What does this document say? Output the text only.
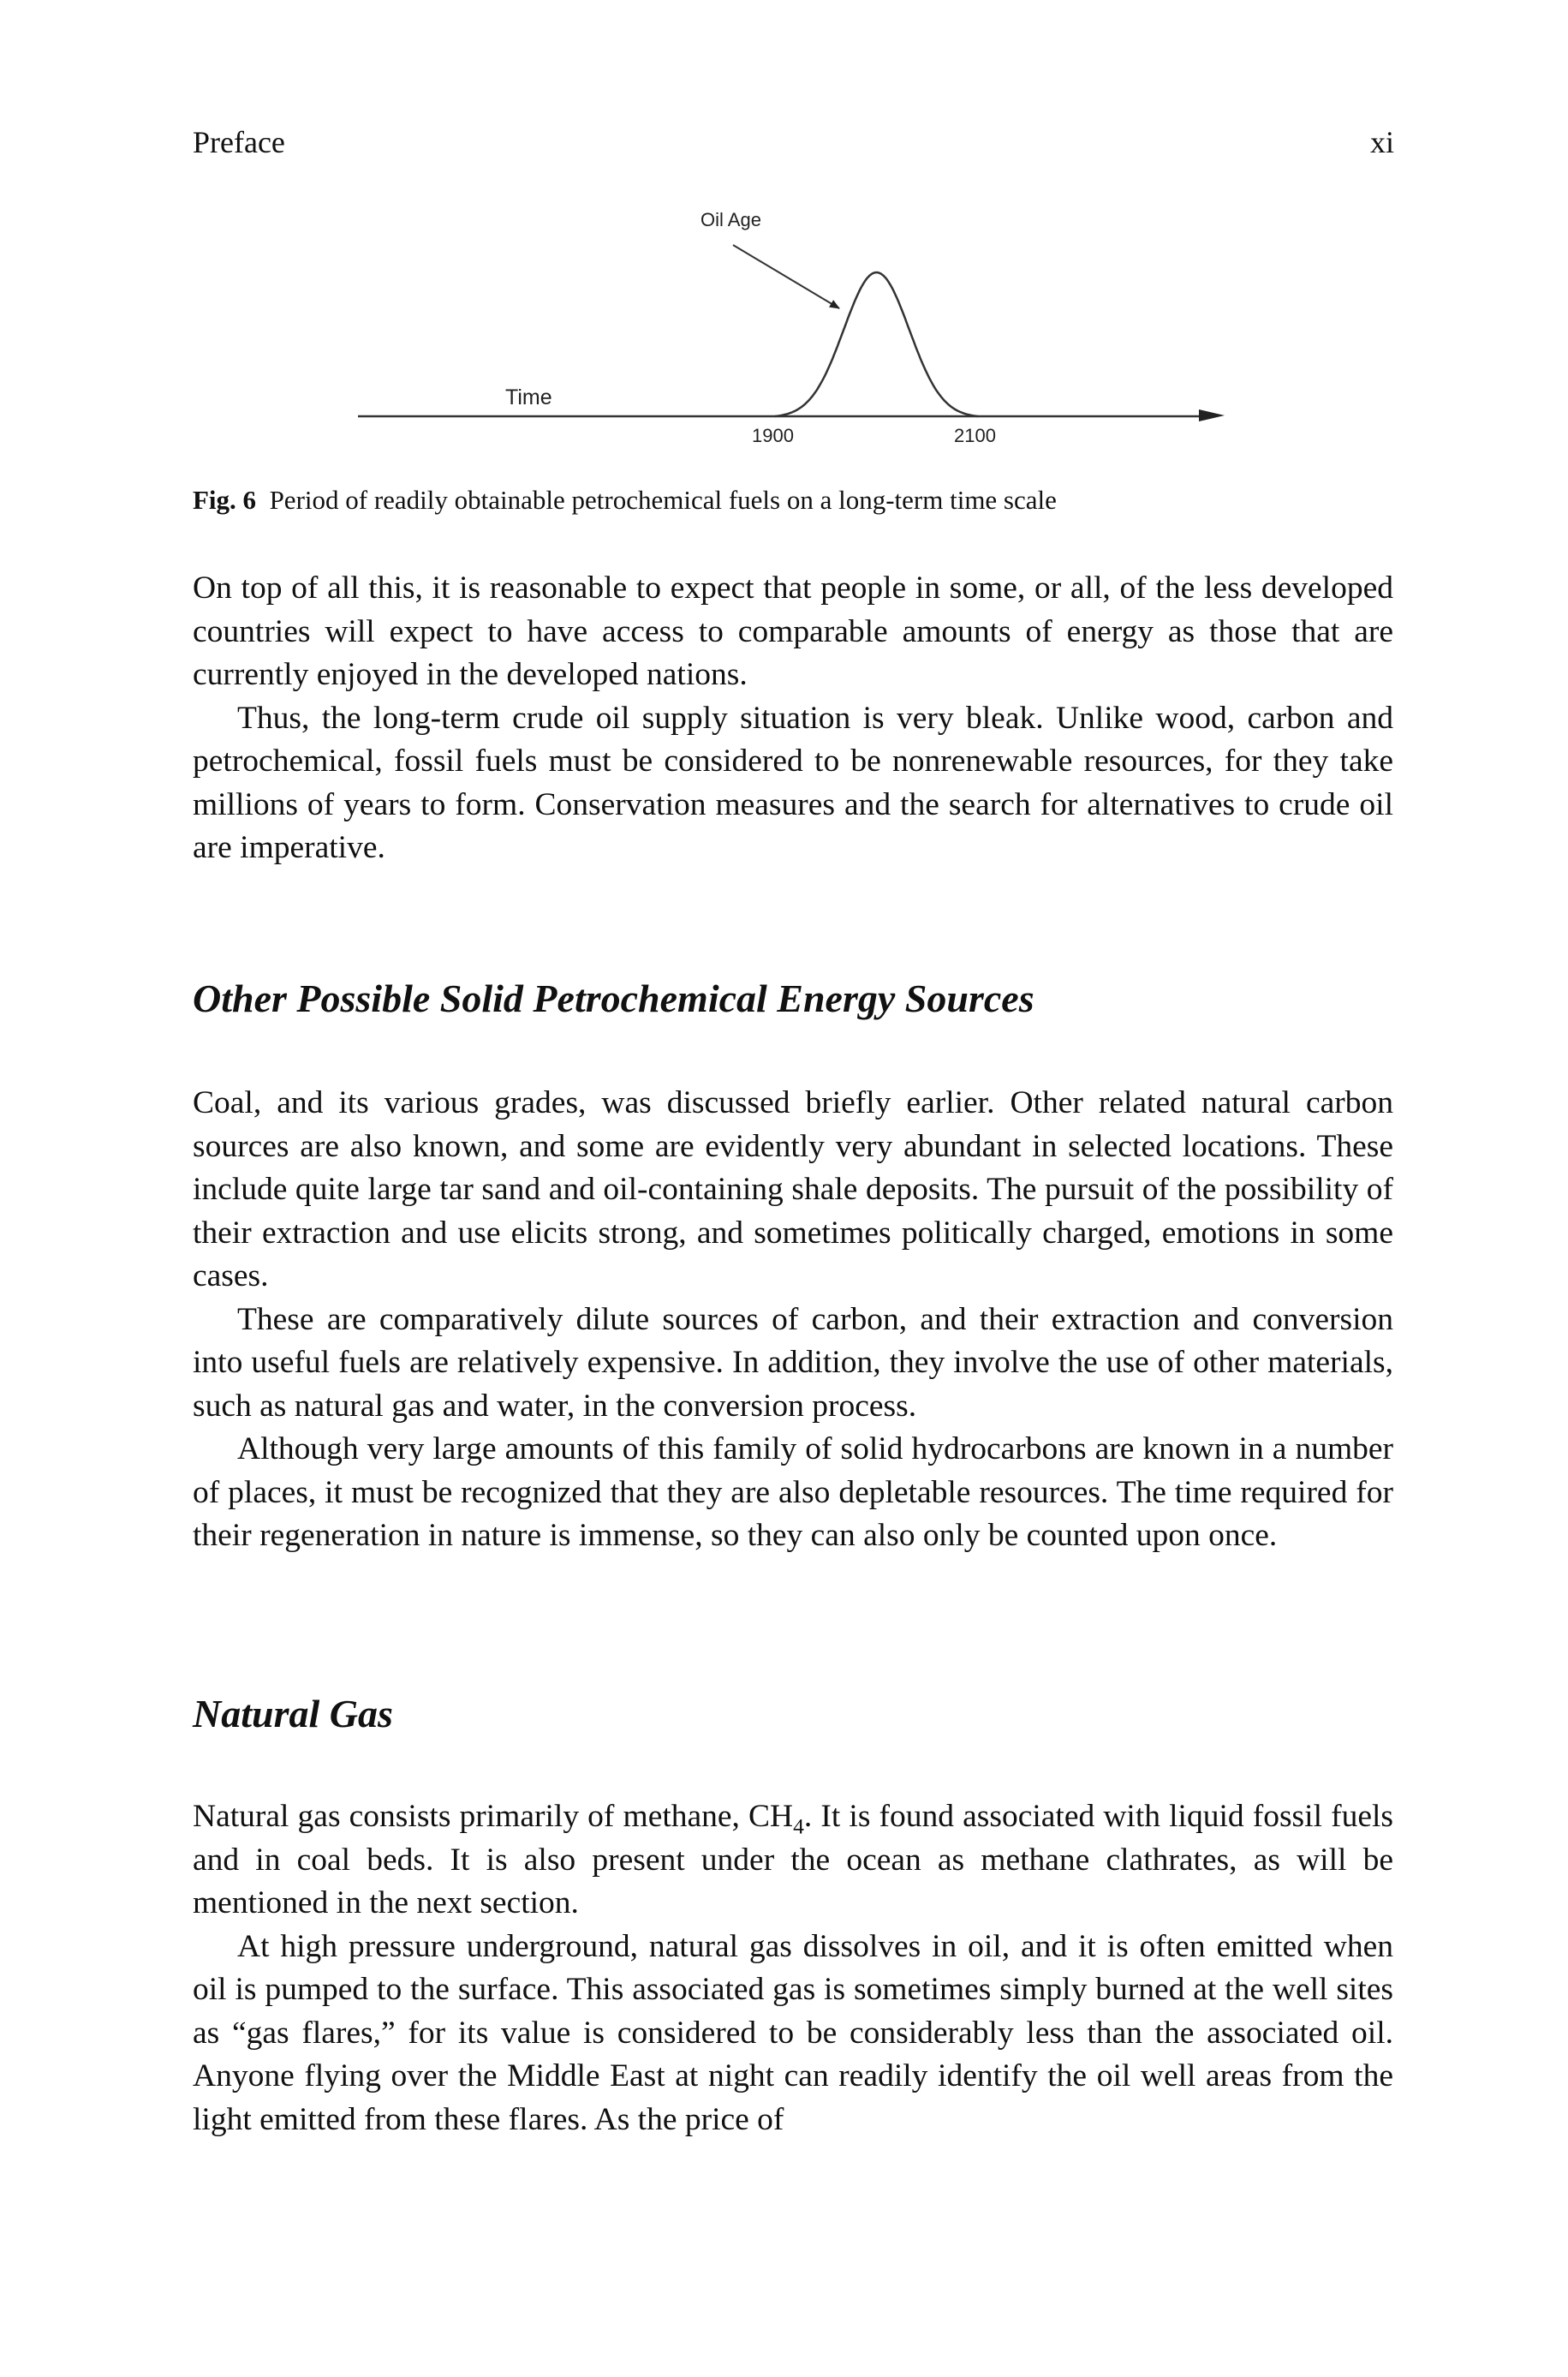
Preface	xi
Oil Age
Time
1900	2100
Fig. 6 Period of readily obtainable petrochemical fuels on a long-term time scale

On top of all this, it is reasonable to expect that people in some, or all, of the less developed countries will expect to have access to comparable amounts of energy as those that are currently enjoyed in the developed nations.

Thus, the long-term crude oil supply situation is very bleak. Unlike wood, carbon and petrochemical, fossil fuels must be considered to be nonrenewable resources, for they take millions of years to form. Conservation measures and the search for alternatives to crude oil are imperative.

Other Possible Solid Petrochemical Energy Sources

Coal, and its various grades, was discussed briefly earlier. Other related natural carbon sources are also known, and some are evidently very abundant in selected locations. These include quite large tar sand and oil-containing shale deposits. The pursuit of the possibility of their extraction and use elicits strong, and sometimes politically charged, emotions in some cases.

These are comparatively dilute sources of carbon, and their extraction and conversion into useful fuels are relatively expensive. In addition, they involve the use of other materials, such as natural gas and water, in the conversion process.

Although very large amounts of this family of solid hydrocarbons are known in a number of places, it must be recognized that they are also depletable resources. The time required for their regeneration in nature is immense, so they can also only be counted upon once.

Natural Gas

Natural gas consists primarily of methane, $CH_4$. It is found associated with liquid fossil fuels and in coal beds. It is also present under the ocean as methane clathrates, as will be mentioned in the next section.

At high pressure underground, natural gas dissolves in oil, and it is often emitted when oil is pumped to the surface. This associated gas is sometimes simply burned at the well sites as “gas flares,” for its value is considered to be considerably less than the associated oil. Anyone flying over the Middle East at night can readily identify the oil well areas from the light emitted from these flares. As the price of
